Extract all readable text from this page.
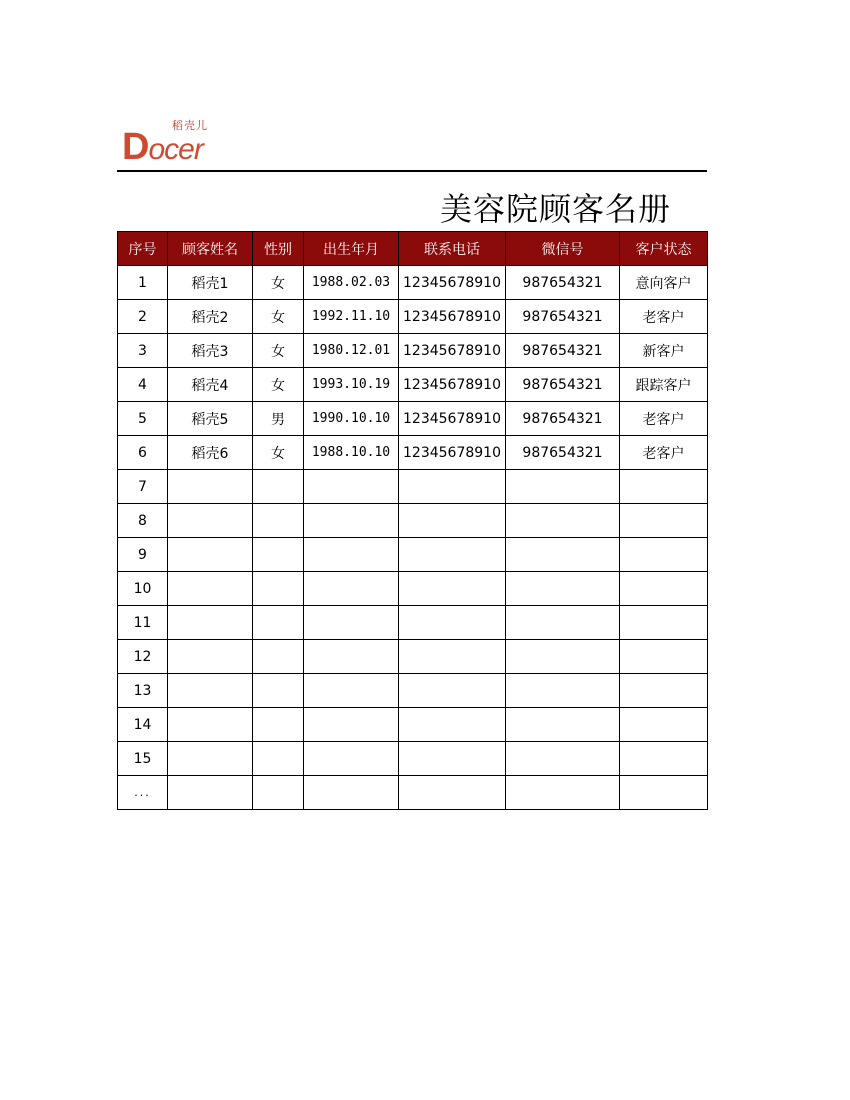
稻壳儿
Docer
美容院顾客名册
序号	顾客姓名	性别	出生年月	联系电话	微信号	客户状态
1	稻壳1	女	1988.02.03	12345678910	987654321	意向客户
2	稻壳2	女	1992.11.10	12345678910	987654321	老客户
3	稻壳3	女	1980.12.01	12345678910	987654321	新客户
4	稻壳4	女	1993.10.19	12345678910	987654321	跟踪客户
5	稻壳5	男	1990.10.10	12345678910	987654321	老客户
6	稻壳6	女	1988.10.10	12345678910	987654321	老客户
7						
8						
9						
10						
11						
12						
13						
14						
15						
...						
